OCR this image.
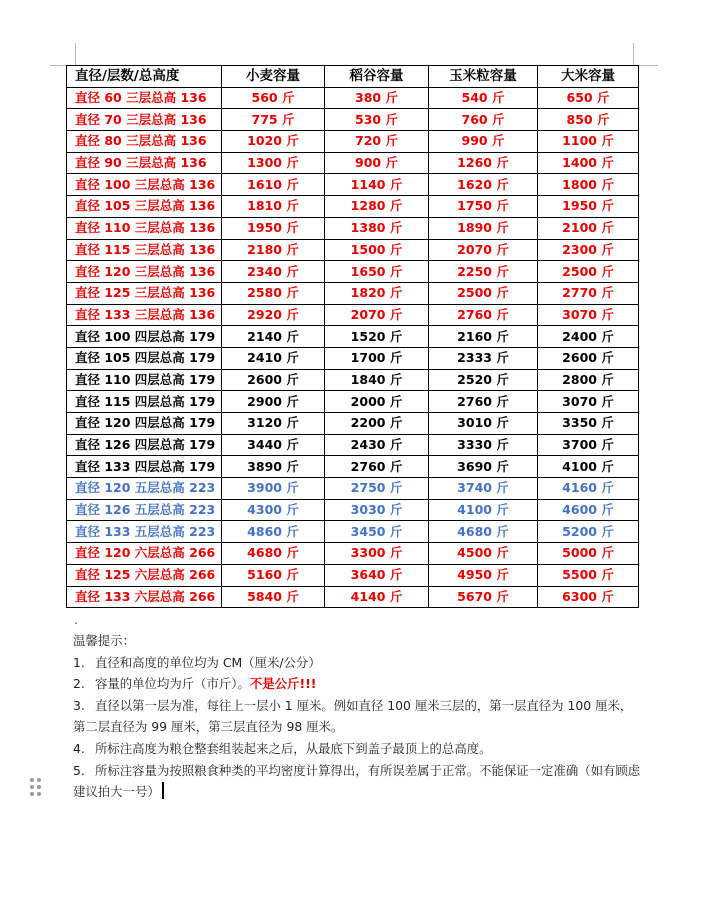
直径/层数/总高度	小麦容量	稻谷容量	玉米粒容量	大米容量
直径 60 三层总高 136	560 斤	380 斤	540 斤	650 斤
直径 70 三层总高 136	775 斤	530 斤	760 斤	850 斤
直径 80 三层总高 136	1020 斤	720 斤	990 斤	1100 斤
直径 90 三层总高 136	1300 斤	900 斤	1260 斤	1400 斤
直径 100 三层总高 136	1610 斤	1140 斤	1620 斤	1800 斤
直径 105 三层总高 136	1810 斤	1280 斤	1750 斤	1950 斤
直径 110 三层总高 136	1950 斤	1380 斤	1890 斤	2100 斤
直径 115 三层总高 136	2180 斤	1500 斤	2070 斤	2300 斤
直径 120 三层总高 136	2340 斤	1650 斤	2250 斤	2500 斤
直径 125 三层总高 136	2580 斤	1820 斤	2500 斤	2770 斤
直径 133 三层总高 136	2920 斤	2070 斤	2760 斤	3070 斤
直径 100 四层总高 179	2140 斤	1520 斤	2160 斤	2400 斤
直径 105 四层总高 179	2410 斤	1700 斤	2333 斤	2600 斤
直径 110 四层总高 179	2600 斤	1840 斤	2520 斤	2800 斤
直径 115 四层总高 179	2900 斤	2000 斤	2760 斤	3070 斤
直径 120 四层总高 179	3120 斤	2200 斤	3010 斤	3350 斤
直径 126 四层总高 179	3440 斤	2430 斤	3330 斤	3700 斤
直径 133 四层总高 179	3890 斤	2760 斤	3690 斤	4100 斤
直径 120 五层总高 223	3900 斤	2750 斤	3740 斤	4160 斤
直径 126 五层总高 223	4300 斤	3030 斤	4100 斤	4600 斤
直径 133 五层总高 223	4860 斤	3450 斤	4680 斤	5200 斤
直径 120 六层总高 266	4680 斤	3300 斤	4500 斤	5000 斤
直径 125 六层总高 266	5160 斤	3640 斤	4950 斤	5500 斤
直径 133 六层总高 266	5840 斤	4140 斤	5670 斤	6300 斤
.
温馨提示：
1. 直径和高度的单位均为 CM（厘米/公分）
2. 容量的单位均为斤（市斤）。不是公斤!!!
3. 直径以第一层为准，每往上一层小 1 厘米。例如直径 100 厘米三层的，第一层直径为 100 厘米，第二层直径为 99 厘米，第三层直径为 98 厘米。
4. 所标注高度为粮仓整套组装起来之后，从最底下到盖子最顶上的总高度。
5. 所标注容量为按照粮食种类的平均密度计算得出，有所误差属于正常。不能保证一定准确（如有顾虑建议拍大一号）
